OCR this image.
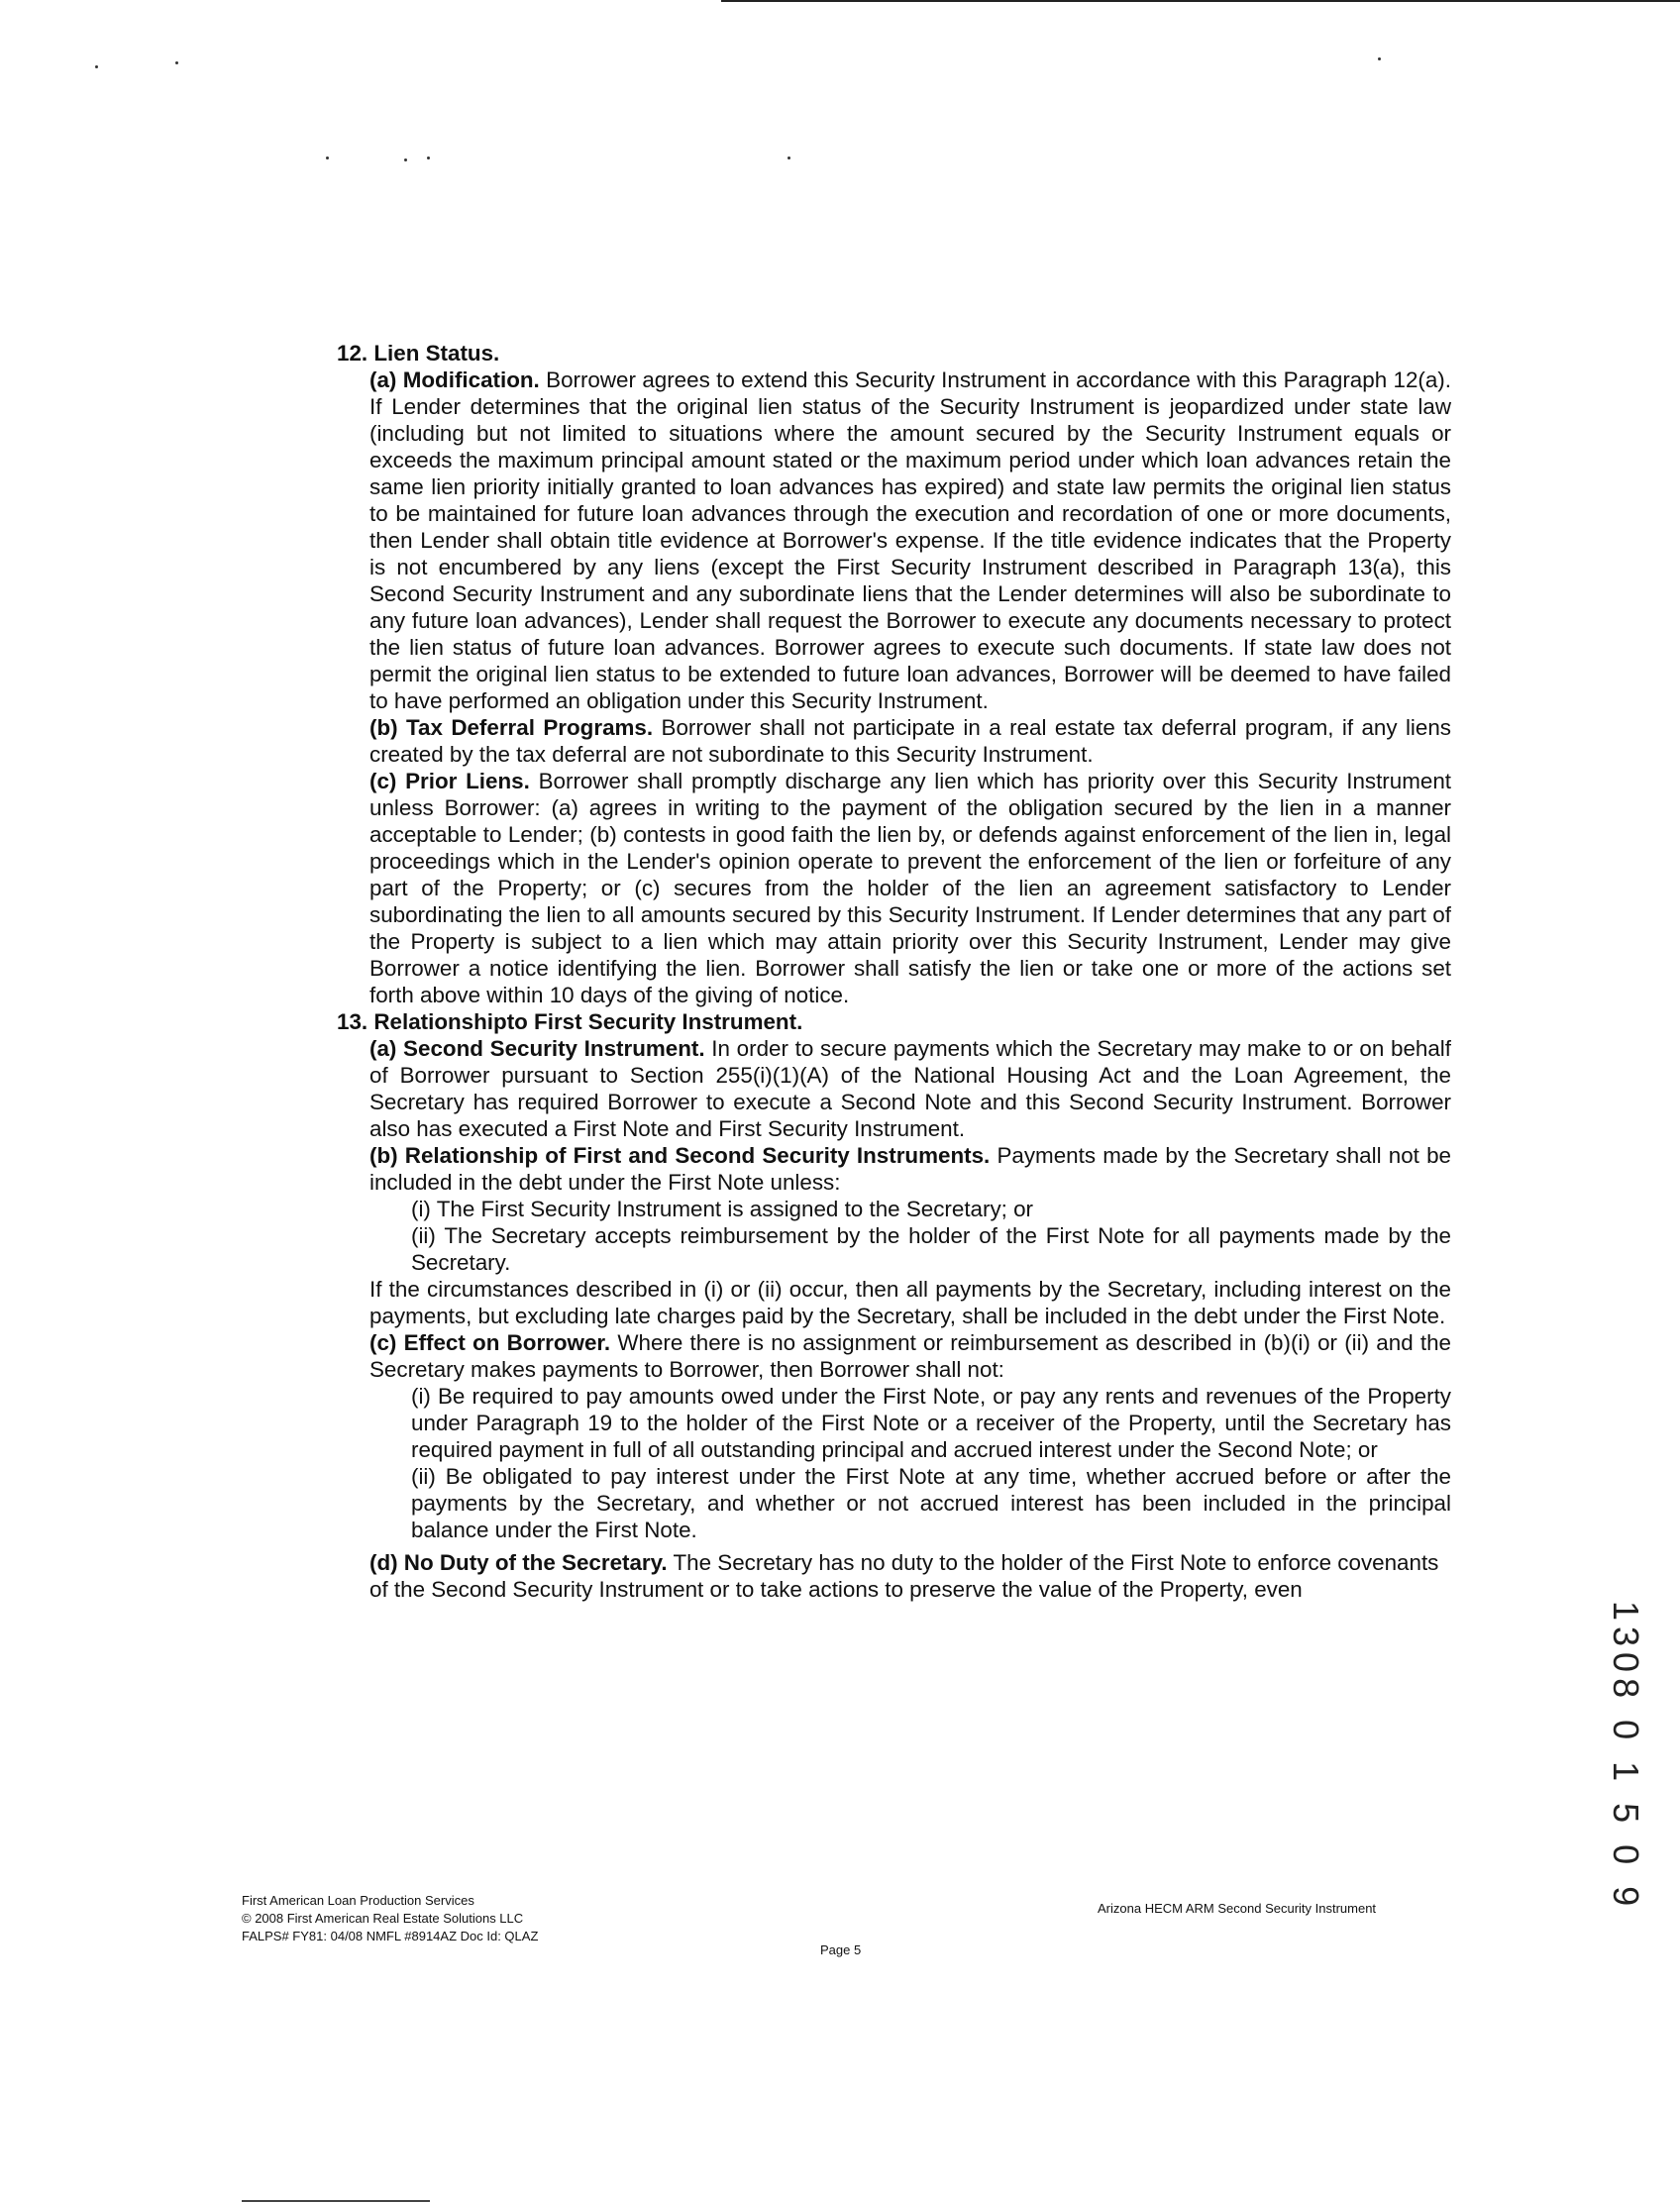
12. Lien Status.

(a) Modification. Borrower agrees to extend this Security Instrument in accordance with this Paragraph 12(a). If Lender determines that the original lien status of the Security Instrument is jeopardized under state law (including but not limited to situations where the amount secured by the Security Instrument equals or exceeds the maximum principal amount stated or the maximum period under which loan advances retain the same lien priority initially granted to loan advances has expired) and state law permits the original lien status to be maintained for future loan advances through the execution and recordation of one or more documents, then Lender shall obtain title evidence at Borrower's expense. If the title evidence indicates that the Property is not encumbered by any liens (except the First Security Instrument described in Paragraph 13(a), this Second Security Instrument and any subordinate liens that the Lender determines will also be subordinate to any future loan advances), Lender shall request the Borrower to execute any documents necessary to protect the lien status of future loan advances. Borrower agrees to execute such documents. If state law does not permit the original lien status to be extended to future loan advances, Borrower will be deemed to have failed to have performed an obligation under this Security Instrument.

(b) Tax Deferral Programs. Borrower shall not participate in a real estate tax deferral program, if any liens created by the tax deferral are not subordinate to this Security Instrument.

(c) Prior Liens. Borrower shall promptly discharge any lien which has priority over this Security Instrument unless Borrower: (a) agrees in writing to the payment of the obligation secured by the lien in a manner acceptable to Lender; (b) contests in good faith the lien by, or defends against enforcement of the lien in, legal proceedings which in the Lender's opinion operate to prevent the enforcement of the lien or forfeiture of any part of the Property; or (c) secures from the holder of the lien an agreement satisfactory to Lender subordinating the lien to all amounts secured by this Security Instrument. If Lender determines that any part of the Property is subject to a lien which may attain priority over this Security Instrument, Lender may give Borrower a notice identifying the lien. Borrower shall satisfy the lien or take one or more of the actions set forth above within 10 days of the giving of notice.

13. Relationshipto First Security Instrument.

(a) Second Security Instrument. In order to secure payments which the Secretary may make to or on behalf of Borrower pursuant to Section 255(i)(1)(A) of the National Housing Act and the Loan Agreement, the Secretary has required Borrower to execute a Second Note and this Second Security Instrument. Borrower also has executed a First Note and First Security Instrument.

(b) Relationship of First and Second Security Instruments. Payments made by the Secretary shall not be included in the debt under the First Note unless:

(i) The First Security Instrument is assigned to the Secretary; or

(ii) The Secretary accepts reimbursement by the holder of the First Note for all payments made by the Secretary.

If the circumstances described in (i) or (ii) occur, then all payments by the Secretary, including interest on the payments, but excluding late charges paid by the Secretary, shall be included in the debt under the First Note.

(c) Effect on Borrower. Where there is no assignment or reimbursement as described in (b)(i) or (ii) and the Secretary makes payments to Borrower, then Borrower shall not:

(i) Be required to pay amounts owed under the First Note, or pay any rents and revenues of the Property under Paragraph 19 to the holder of the First Note or a receiver of the Property, until the Secretary has required payment in full of all outstanding principal and accrued interest under the Second Note; or

(ii) Be obligated to pay interest under the First Note at any time, whether accrued before or after the payments by the Secretary, and whether or not accrued interest has been included in the principal balance under the First Note.

(d) No Duty of the Secretary. The Secretary has no duty to the holder of the First Note to enforce covenants of the Second Security Instrument or to take actions to preserve the value of the Property, even

First American Loan Production Services
© 2008 First American Real Estate Solutions LLC
FALPS# FY81: 04/08 NMFL #8914AZ Doc Id: QLAZ
Arizona HECM ARM Second Security Instrument
Page 5
1308 0 1 5 0 9
